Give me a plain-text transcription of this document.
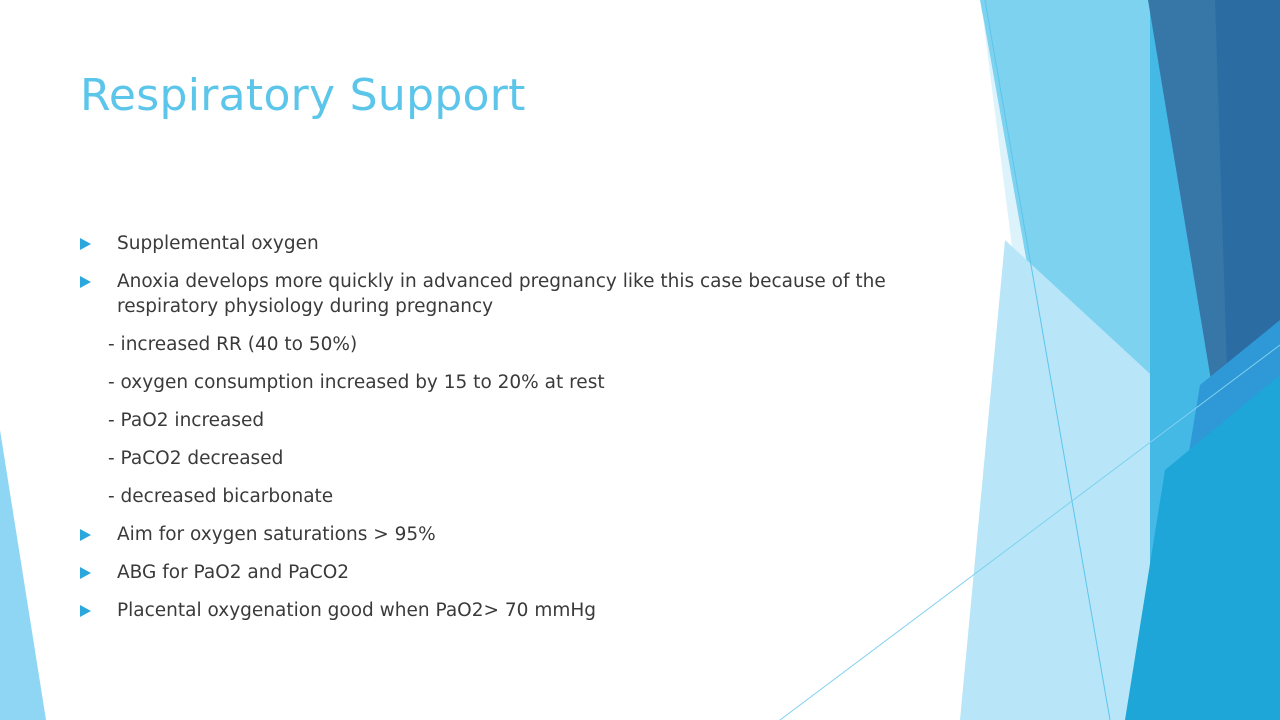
Respiratory Support
Supplemental oxygen
Anoxia develops more quickly in advanced pregnancy like this case because of the respiratory physiology during pregnancy
- increased RR (40 to 50%)
- oxygen consumption increased by 15 to 20% at rest
- PaO2 increased
- PaCO2 decreased
- decreased bicarbonate
Aim for oxygen saturations > 95%
ABG for PaO2 and PaCO2
Placental oxygenation good when PaO2> 70 mmHg
